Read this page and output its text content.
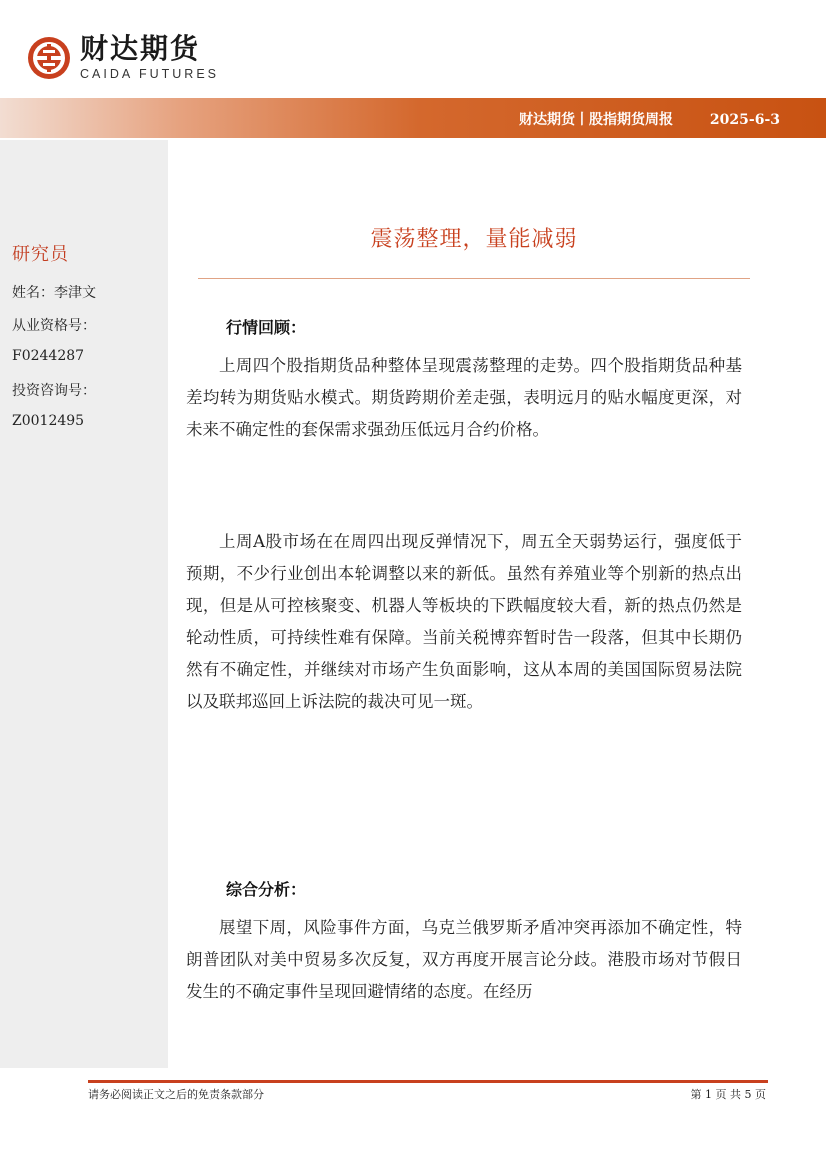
财达期货
CAIDA FUTURES
财达期货丨股指期货周报	2025-6-3
研究员
姓名：李津文
从业资格号：
F0244287
投资咨询号：
Z0012495
震荡整理，量能减弱
行情回顾：

上周四个股指期货品种整体呈现震荡整理的走势。四个股指期货品种基差均转为期货贴水模式。期货跨期价差走强，表明远月的贴水幅度更深，对未来不确定性的套保需求强劲压低远月合约价格。

上周A股市场在在周四出现反弹情况下，周五全天弱势运行，强度低于预期，不少行业创出本轮调整以来的新低。虽然有养殖业等个别新的热点出现，但是从可控核聚变、机器人等板块的下跌幅度较大看，新的热点仍然是轮动性质，可持续性难有保障。当前关税博弈暂时告一段落，但其中长期仍然有不确定性，并继续对市场产生负面影响，这从本周的美国国际贸易法院以及联邦巡回上诉法院的裁决可见一斑。

综合分析：

展望下周，风险事件方面，乌克兰俄罗斯矛盾冲突再添加不确定性，特朗普团队对美中贸易多次反复，双方再度开展言论分歧。港股市场对节假日发生的不确定事件呈现回避情绪的态度。在经历

请务必阅读正文之后的免责条款部分	第 1 页 共 5 页
